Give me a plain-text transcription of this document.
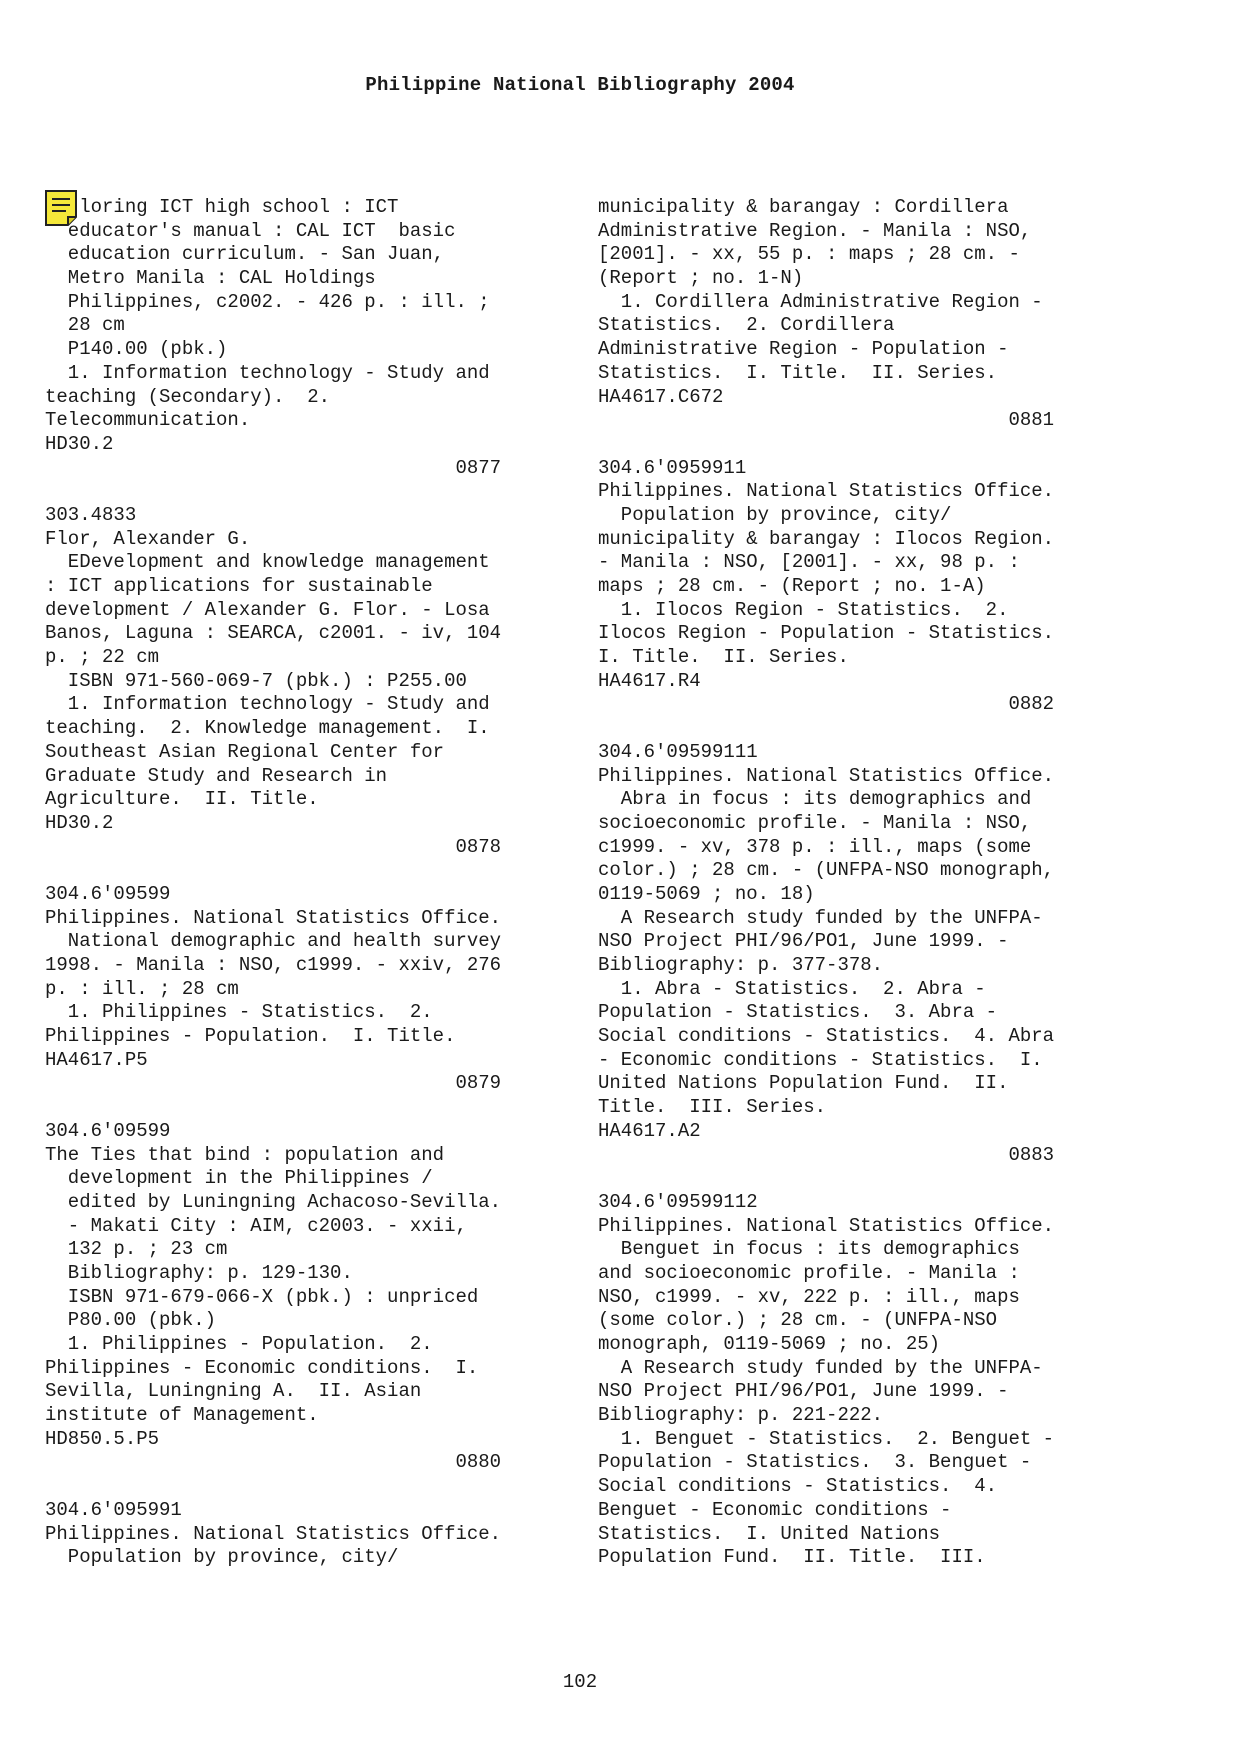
Philippine National Bibliography 2004
loring ICT high school : ICT
educator's manual : CAL ICT  basic
education curriculum. - San Juan,
Metro Manila : CAL Holdings
Philippines, c2002. - 426 p. : ill. ;
28 cm
P140.00 (pbk.)
1. Information technology - Study and
teaching (Secondary).  2.
Telecommunication.
HD30.2
0877
303.4833
Flor, Alexander G.
EDevelopment and knowledge management
: ICT applications for sustainable
development / Alexander G. Flor. - Losa
Banos, Laguna : SEARCA, c2001. - iv, 104
p. ; 22 cm
ISBN 971-560-069-7 (pbk.) : P255.00
1. Information technology - Study and
teaching.  2. Knowledge management.  I.
Southeast Asian Regional Center for
Graduate Study and Research in
Agriculture.  II. Title.
HD30.2
0878
304.6'09599
Philippines. National Statistics Office.
National demographic and health survey
1998. - Manila : NSO, c1999. - xxiv, 276
p. : ill. ; 28 cm
1. Philippines - Statistics.  2.
Philippines - Population.  I. Title.
HA4617.P5
0879
304.6'09599
The Ties that bind : population and
development in the Philippines /
edited by Luningning Achacoso-Sevilla.
- Makati City : AIM, c2003. - xxii,
132 p. ; 23 cm
Bibliography: p. 129-130.
ISBN 971-679-066-X (pbk.) : unpriced
P80.00 (pbk.)
1. Philippines - Population.  2.
Philippines - Economic conditions.  I.
Sevilla, Luningning A.  II. Asian
institute of Management.
HD850.5.P5
0880
304.6'095991
Philippines. National Statistics Office.
Population by province, city/
municipality & barangay : Cordillera
Administrative Region. - Manila : NSO,
[2001]. - xx, 55 p. : maps ; 28 cm. -
(Report ; no. 1-N)
1. Cordillera Administrative Region -
Statistics.  2. Cordillera
Administrative Region - Population -
Statistics.  I. Title.  II. Series.
HA4617.C672
0881
304.6'0959911
Philippines. National Statistics Office.
Population by province, city/
municipality & barangay : Ilocos Region.
- Manila : NSO, [2001]. - xx, 98 p. :
maps ; 28 cm. - (Report ; no. 1-A)
1. Ilocos Region - Statistics.  2.
Ilocos Region - Population - Statistics.
I. Title.  II. Series.
HA4617.R4
0882
304.6'09599111
Philippines. National Statistics Office.
Abra in focus : its demographics and
socioeconomic profile. - Manila : NSO,
c1999. - xv, 378 p. : ill., maps (some
color.) ; 28 cm. - (UNFPA-NSO monograph,
0119-5069 ; no. 18)
A Research study funded by the UNFPA-
NSO Project PHI/96/PO1, June 1999. -
Bibliography: p. 377-378.
1. Abra - Statistics.  2. Abra -
Population - Statistics.  3. Abra -
Social conditions - Statistics.  4. Abra
- Economic conditions - Statistics.  I.
United Nations Population Fund.  II.
Title.  III. Series.
HA4617.A2
0883
304.6'09599112
Philippines. National Statistics Office.
Benguet in focus : its demographics
and socioeconomic profile. - Manila :
NSO, c1999. - xv, 222 p. : ill., maps
(some color.) ; 28 cm. - (UNFPA-NSO
monograph, 0119-5069 ; no. 25)
A Research study funded by the UNFPA-
NSO Project PHI/96/PO1, June 1999. -
Bibliography: p. 221-222.
1. Benguet - Statistics.  2. Benguet -
Population - Statistics.  3. Benguet -
Social conditions - Statistics.  4.
Benguet - Economic conditions -
Statistics.  I. United Nations
Population Fund.  II. Title.  III.
102
